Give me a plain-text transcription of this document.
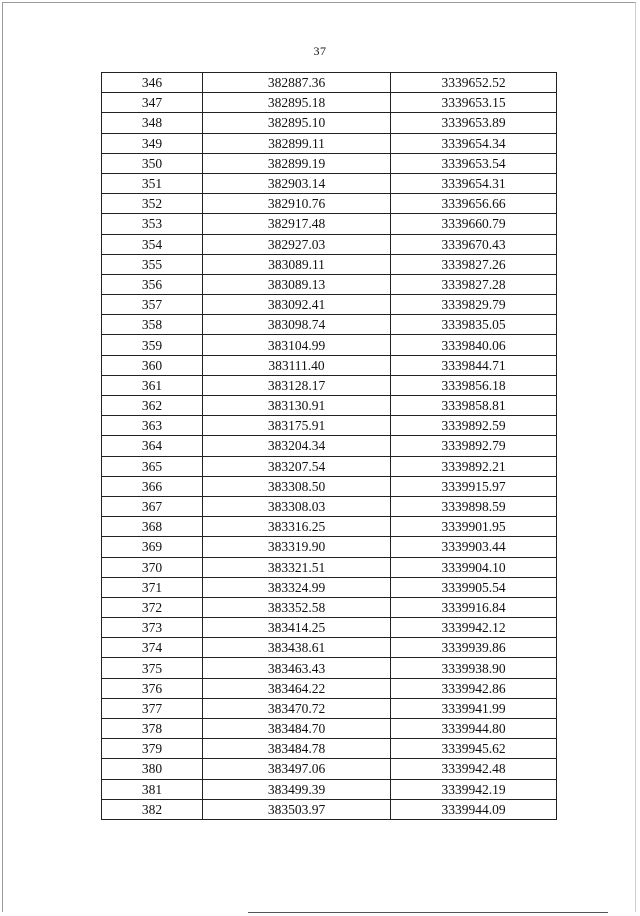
37
346	382887.36	3339652.52
347	382895.18	3339653.15
348	382895.10	3339653.89
349	382899.11	3339654.34
350	382899.19	3339653.54
351	382903.14	3339654.31
352	382910.76	3339656.66
353	382917.48	3339660.79
354	382927.03	3339670.43
355	383089.11	3339827.26
356	383089.13	3339827.28
357	383092.41	3339829.79
358	383098.74	3339835.05
359	383104.99	3339840.06
360	383111.40	3339844.71
361	383128.17	3339856.18
362	383130.91	3339858.81
363	383175.91	3339892.59
364	383204.34	3339892.79
365	383207.54	3339892.21
366	383308.50	3339915.97
367	383308.03	3339898.59
368	383316.25	3339901.95
369	383319.90	3339903.44
370	383321.51	3339904.10
371	383324.99	3339905.54
372	383352.58	3339916.84
373	383414.25	3339942.12
374	383438.61	3339939.86
375	383463.43	3339938.90
376	383464.22	3339942.86
377	383470.72	3339941.99
378	383484.70	3339944.80
379	383484.78	3339945.62
380	383497.06	3339942.48
381	383499.39	3339942.19
382	383503.97	3339944.09
